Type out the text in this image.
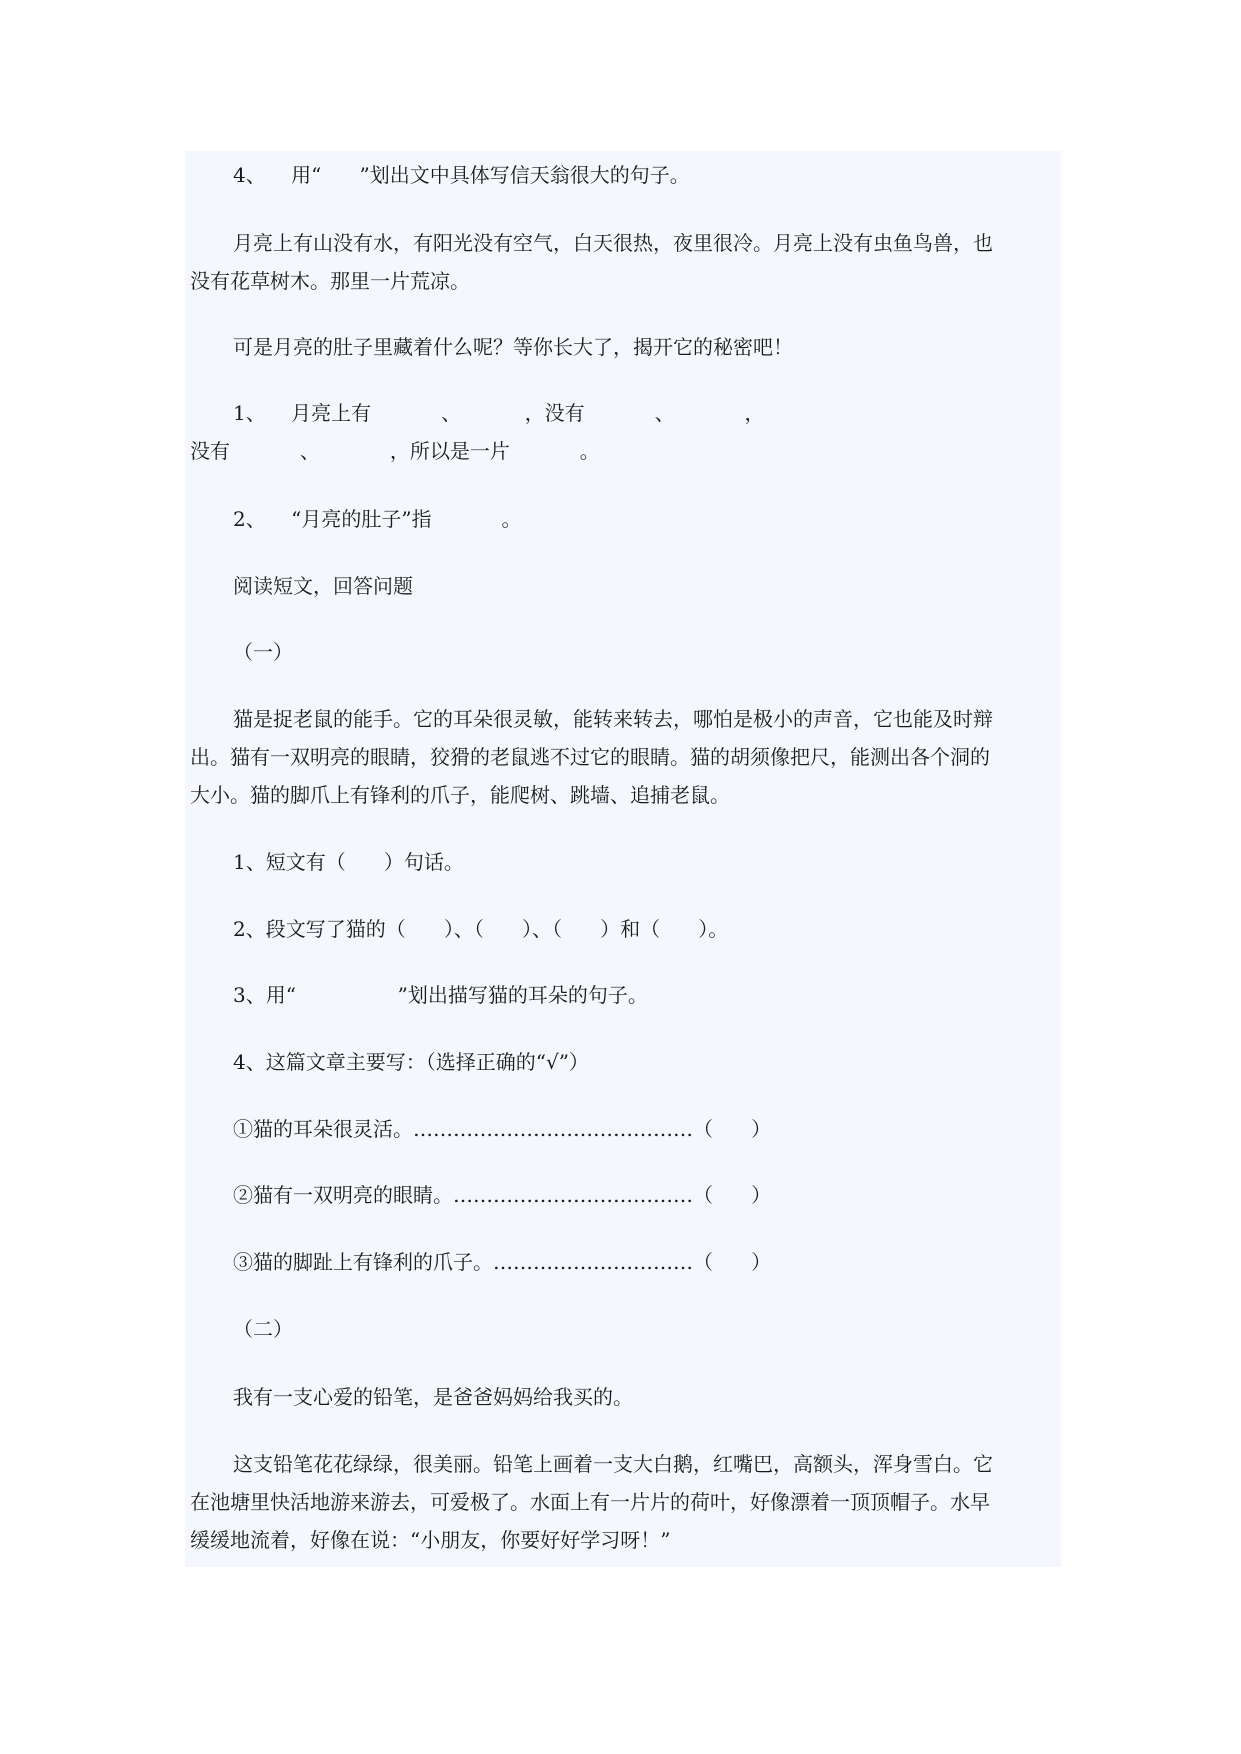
4、    用“      ”划出文中具体写信天翁很大的句子。
月亮上有山没有水，有阳光没有空气，白天很热，夜里很冷。月亮上没有虫鱼鸟兽，也
没有花草树木。那里一片荒凉。
可是月亮的肚子里藏着什么呢？等你长大了，揭开它的秘密吧！
1、    月亮上有           、          ，没有           、           ，
没有           、           ，所以是一片           。
2、    “月亮的肚子”指           。
阅读短文，回答问题
（一）
猫是捉老鼠的能手。它的耳朵很灵敏，能转来转去，哪怕是极小的声音，它也能及时辩
出。猫有一双明亮的眼睛，狡猾的老鼠逃不过它的眼睛。猫的胡须像把尺，能测出各个洞的
大小。猫的脚爪上有锋利的爪子，能爬树、跳墙、追捕老鼠。
1、短文有（      ）句话。
2、段文写了猫的（      ）、（      ）、（      ）和（      ）。
3、用“                ”划出描写猫的耳朵的句子。
4、这篇文章主要写：（选择正确的“√”）
①猫的耳朵很灵活。……………………………………（      ）
②猫有一双明亮的眼睛。………………………………（      ）
③猫的脚趾上有锋利的爪子。…………………………（      ）
（二）
我有一支心爱的铅笔，是爸爸妈妈给我买的。
这支铅笔花花绿绿，很美丽。铅笔上画着一支大白鹅，红嘴巴，高额头，浑身雪白。它
在池塘里快活地游来游去，可爱极了。水面上有一片片的荷叶，好像漂着一顶顶帽子。水早
缓缓地流着，好像在说：“小朋友，你要好好学习呀！”
